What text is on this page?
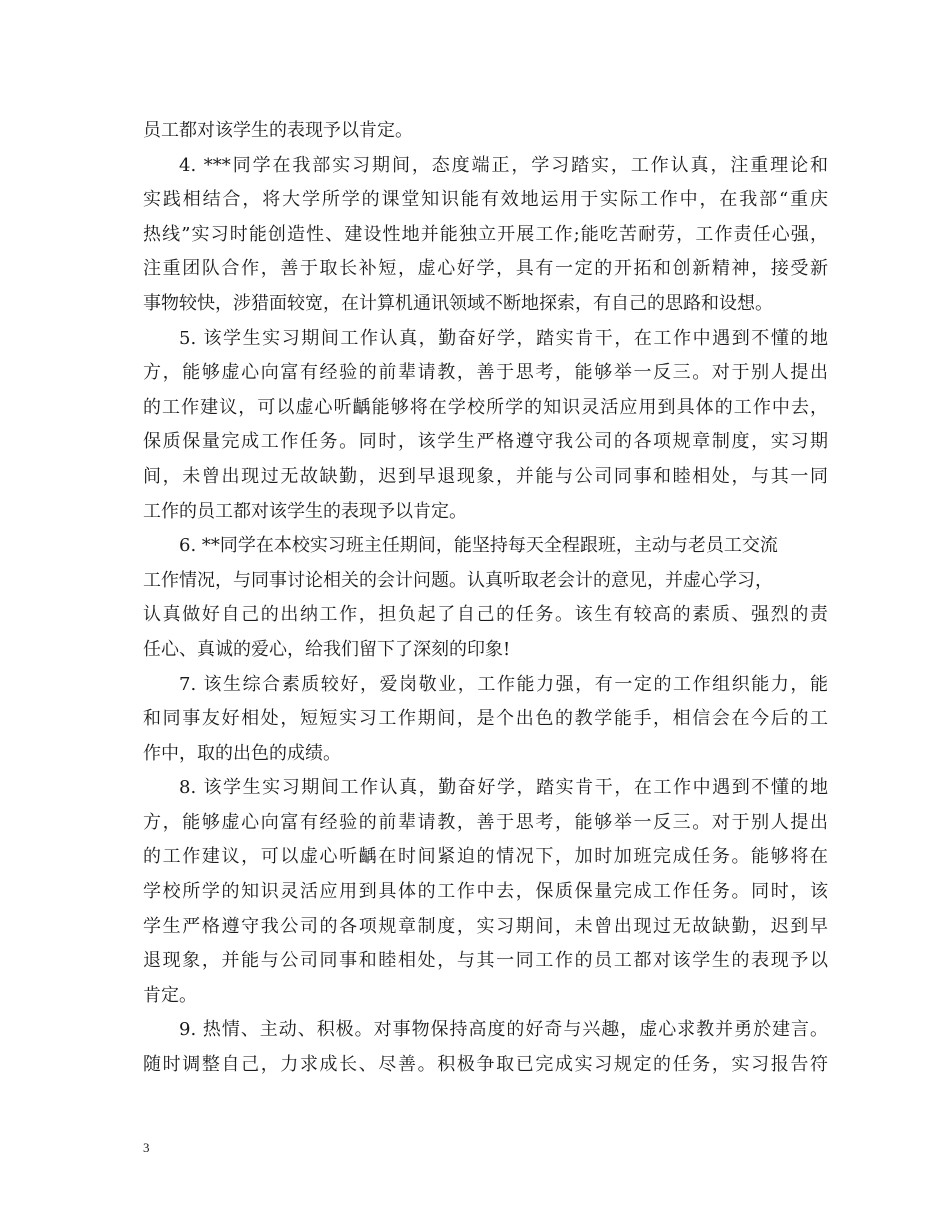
员工都对该学生的表现予以肯定。
4. ***同学在我部实习期间，态度端正，学习踏实，工作认真，注重理论和
实践相结合，将大学所学的课堂知识能有效地运用于实际工作中，在我部“重庆
热线”实习时能创造性、建设性地并能独立开展工作;能吃苦耐劳，工作责任心强，
注重团队合作，善于取长补短，虚心好学，具有一定的开拓和创新精神，接受新
事物较快，涉猎面较宽，在计算机通讯领域不断地探索，有自己的思路和设想。
5. 该学生实习期间工作认真，勤奋好学，踏实肯干，在工作中遇到不懂的地
方，能够虚心向富有经验的前辈请教，善于思考，能够举一反三。对于别人提出
的工作建议，可以虚心听齲能够将在学校所学的知识灵活应用到具体的工作中去，
保质保量完成工作任务。同时，该学生严格遵守我公司的各项规章制度，实习期
间，未曾出现过无故缺勤，迟到早退现象，并能与公司同事和睦相处，与其一同
工作的员工都对该学生的表现予以肯定。
6. **同学在本校实习班主任期间，能坚持每天全程跟班，主动与老员工交流
工作情况，与同事讨论相关的会计问题。认真听取老会计的意见，并虚心学习，
认真做好自己的出纳工作，担负起了自己的任务。该生有较高的素质、强烈的责
任心、真诚的爱心，给我们留下了深刻的印象!
7. 该生综合素质较好，爱岗敬业，工作能力强，有一定的工作组织能力，能
和同事友好相处，短短实习工作期间，是个出色的教学能手，相信会在今后的工
作中，取的出色的成绩。
8. 该学生实习期间工作认真，勤奋好学，踏实肯干，在工作中遇到不懂的地
方，能够虚心向富有经验的前辈请教，善于思考，能够举一反三。对于别人提出
的工作建议，可以虚心听齲在时间紧迫的情况下，加时加班完成任务。能够将在
学校所学的知识灵活应用到具体的工作中去，保质保量完成工作任务。同时，该
学生严格遵守我公司的各项规章制度，实习期间，未曾出现过无故缺勤，迟到早
退现象，并能与公司同事和睦相处，与其一同工作的员工都对该学生的表现予以
肯定。
9. 热情、主动、积极。对事物保持高度的好奇与兴趣，虚心求教并勇於建言。
随时调整自己，力求成长、尽善。积极争取已完成实习规定的任务，实习报告符
3
